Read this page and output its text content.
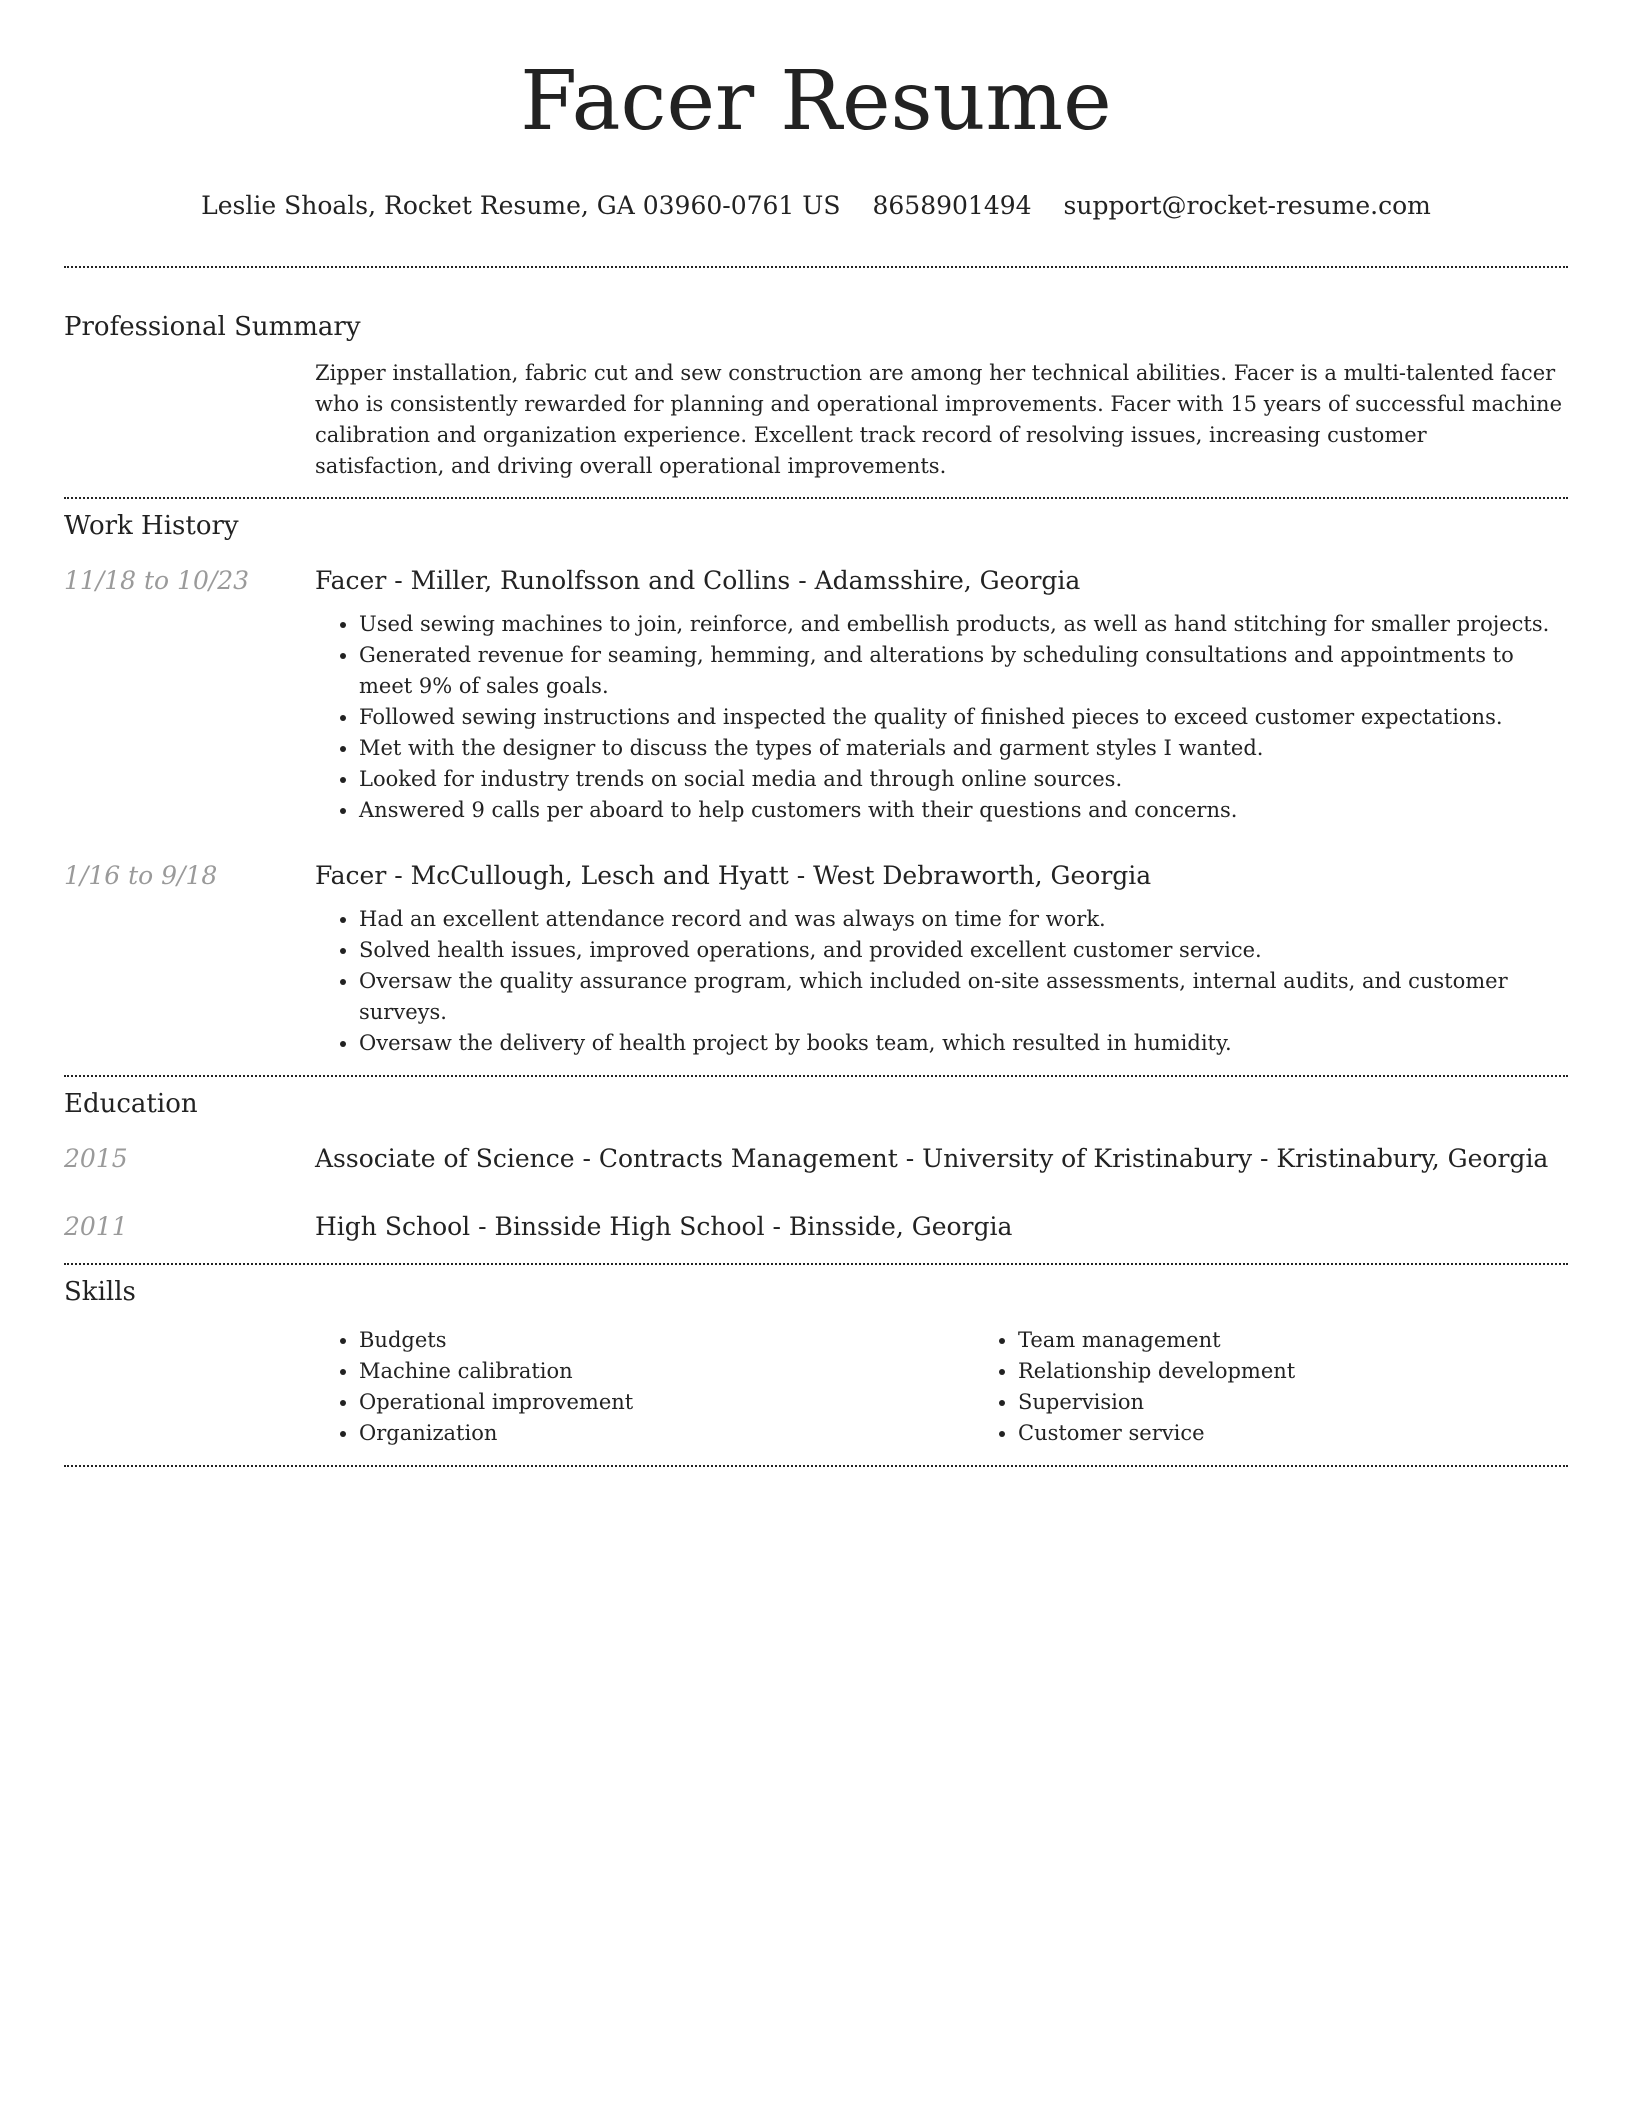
Facer Resume
Leslie Shoals, Rocket Resume, GA 03960-0761 US 8658901494 support@rocket-resume.com
Professional Summary

Zipper installation, fabric cut and sew construction are among her technical abilities. Facer is a multi-talented facer who is consistently rewarded for planning and operational improvements. Facer with 15 years of successful machine calibration and organization experience. Excellent track record of resolving issues, increasing customer satisfaction, and driving overall operational improvements.

Work History
11/18 to 10/23	Facer - Miller, Runolfsson and Collins - Adamsshire, Georgia
• Used sewing machines to join, reinforce, and embellish products, as well as hand stitching for smaller projects.
• Generated revenue for seaming, hemming, and alterations by scheduling consultations and appointments to meet 9% of sales goals.
• Followed sewing instructions and inspected the quality of finished pieces to exceed customer expectations.
• Met with the designer to discuss the types of materials and garment styles I wanted.
• Looked for industry trends on social media and through online sources.
• Answered 9 calls per aboard to help customers with their questions and concerns.
1/16 to 9/18	Facer - McCullough, Lesch and Hyatt - West Debraworth, Georgia
• Had an excellent attendance record and was always on time for work.
• Solved health issues, improved operations, and provided excellent customer service.
• Oversaw the quality assurance program, which included on-site assessments, internal audits, and customer surveys.
• Oversaw the delivery of health project by books team, which resulted in humidity.
Education
2015	Associate of Science - Contracts Management - University of Kristinabury - Kristinabury, Georgia
2011	High School - Binsside High School - Binsside, Georgia
Skills
• Budgets
• Machine calibration
• Operational improvement
• Organization
• Team management
• Relationship development
• Supervision
• Customer service
